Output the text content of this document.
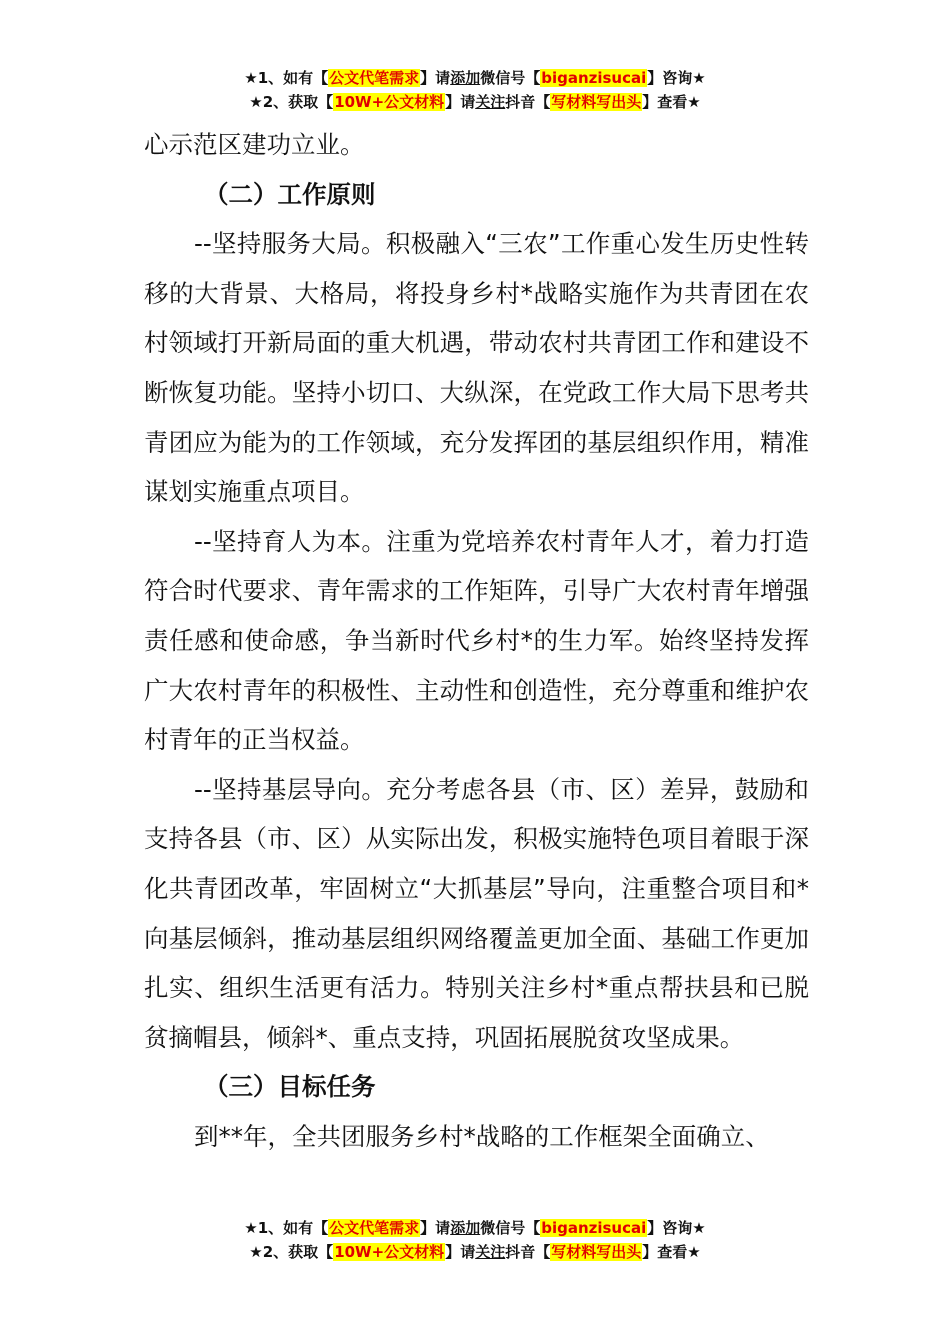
★1、如有【公文代笔需求】请添加微信号【biganzisucai】咨询★
★2、获取【10W+公文材料】请关注抖音【写材料写出头】查看★

心示范区建功立业。

（二）工作原则

--坚持服务大局。积极融入“三农”工作重心发生历史性转移的大背景、大格局，将投身乡村*战略实施作为共青团在农村领域打开新局面的重大机遇，带动农村共青团工作和建设不断恢复功能。坚持小切口、大纵深，在党政工作大局下思考共青团应为能为的工作领域，充分发挥团的基层组织作用，精准谋划实施重点项目。

--坚持育人为本。注重为党培养农村青年人才，着力打造符合时代要求、青年需求的工作矩阵，引导广大农村青年增强责任感和使命感，争当新时代乡村*的生力军。始终坚持发挥广大农村青年的积极性、主动性和创造性，充分尊重和维护农村青年的正当权益。

--坚持基层导向。充分考虑各县（市、区）差异，鼓励和支持各县（市、区）从实际出发，积极实施特色项目着眼于深化共青团改革，牢固树立“大抓基层”导向，注重整合项目和*向基层倾斜，推动基层组织网络覆盖更加全面、基础工作更加扎实、组织生活更有活力。特别关注乡村*重点帮扶县和已脱贫摘帽县，倾斜*、重点支持，巩固拓展脱贫攻坚成果。

（三）目标任务

到**年，全共团服务乡村*战略的工作框架全面确立、

★1、如有【公文代笔需求】请添加微信号【biganzisucai】咨询★
★2、获取【10W+公文材料】请关注抖音【写材料写出头】查看★
